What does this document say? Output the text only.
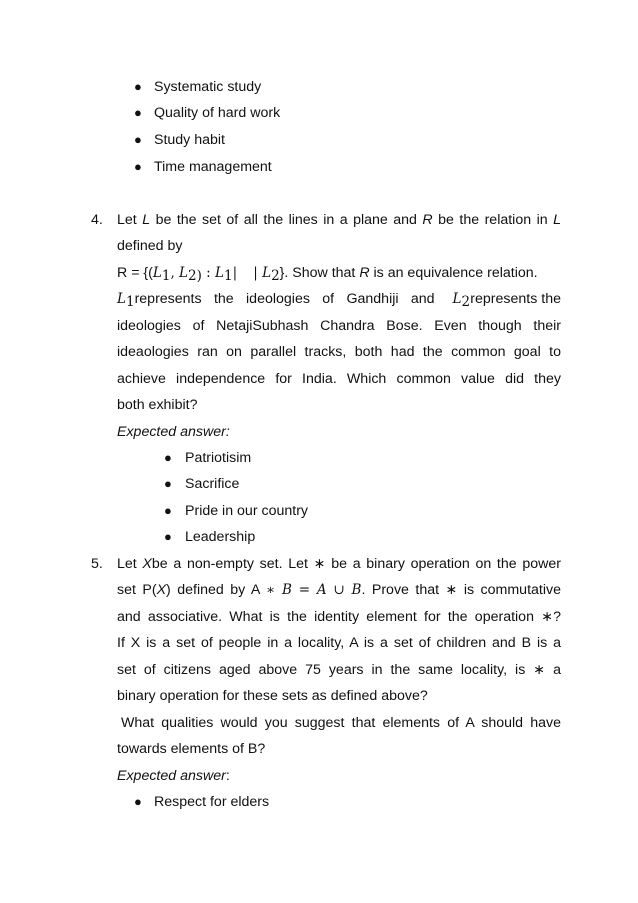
● Systematic study
● Quality of hard work
● Study habit
● Time management
4. Let L be the set of all the lines in a plane and R be the relation in L
defined by
$R = \{(L_1$, $L_{2)}$ : $L_1|$    | $L_2$}. Show that R is an equivalence relation.
$L_1represents$ the ideologies of Gandhiji and $L_2$ represents the
ideologies of NetajiSubhash Chandra Bose. Even though their
ideaologies ran on parallel tracks, both had the common goal to
achieve independence for India. Which common value did they
both exhibit?
Expected answer:
● Patriotisim
● Sacrifice
● Pride in our country
● Leadership
5. Let Xbe a non-empty set. Let ∗ be a binary operation on the power
set P(X) defined by A ∗ B = A ∪ B. Prove that ∗ is commutative
and associative. What is the identity element for the operation ∗?
If X is a set of people in a locality, A is a set of children and B is a
set of citizens aged above 75 years in the same locality, is ∗ a
binary operation for these sets as defined above?
What qualities would you suggest that elements of A should have
towards elements of B?
Expected answer:
● Respect for elders
